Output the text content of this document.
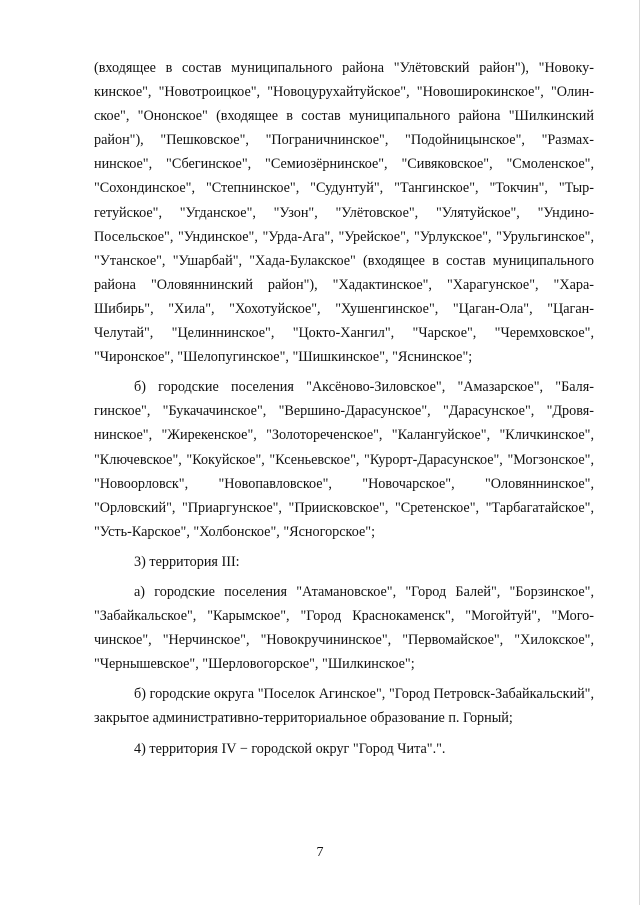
(входящее в состав муниципального района "Улётовский район"), "Новокукинское", "Новотроицкое", "Новоцурухайтуйское", "Новоширокинское", "Олинское", "Ононское" (входящее в состав муниципального района "Шилкинский район"), "Пешковское", "Пограничнинское", "Подойницынское", "Размахнинское", "Сбегинское", "Семиозёрнинское", "Сивяковское", "Смоленское", "Сохондинское", "Степнинское", "Судунтуй", "Тангинское", "Токчин", "Тыргетуйское", "Угданское", "Узон", "Улётовское", "Улятуйское", "Ундино-Посельское", "Ундинское", "Урда-Ага", "Урейское", "Урлукское", "Урульгинское", "Утанское", "Ушарбай", "Хада-Булакское" (входящее в состав муниципального района "Оловяннинский район"), "Хадактинское", "Харагунское", "Хара-Шибирь", "Хила", "Хохотуйское", "Хушенгинское", "Цаган-Ола", "Цаган-Челутай", "Целиннинское", "Цокто-Хангил", "Чарское", "Черемховское", "Чиронское", "Шелопугинское", "Шишкинское", "Яснинское";

б) городские поселения "Аксёново-Зиловское", "Амазарское", "Балягинское", "Букачачинское", "Вершино-Дарасунское", "Дарасунское", "Дровянинское", "Жирекенское", "Золотореченское", "Калангуйское", "Кличкинское", "Ключевское", "Кокуйское", "Ксеньевское", "Курорт-Дарасунское", "Могзонское", "Новоорловск", "Новопавловское", "Новочарское", "Оловяннинское", "Орловский", "Приаргунское", "Приисковское", "Сретенское", "Тарбагатайское", "Усть-Карское", "Холбонское", "Ясногорское";

3) территория III:

а) городские поселения "Атамановское", "Город Балей", "Борзинское", "Забайкальское", "Карымское", "Город Краснокаменск", "Могойтуй", "Могочинское", "Нерчинское", "Новокручининское", "Первомайское", "Хилокское", "Чернышевское", "Шерловогорское", "Шилкинское";

б) городские округа "Поселок Агинское", "Город Петровск-Забайкальский", закрытое административно-территориальное образование п. Горный;

4) территория IV − городской округ "Город Чита".".

7
